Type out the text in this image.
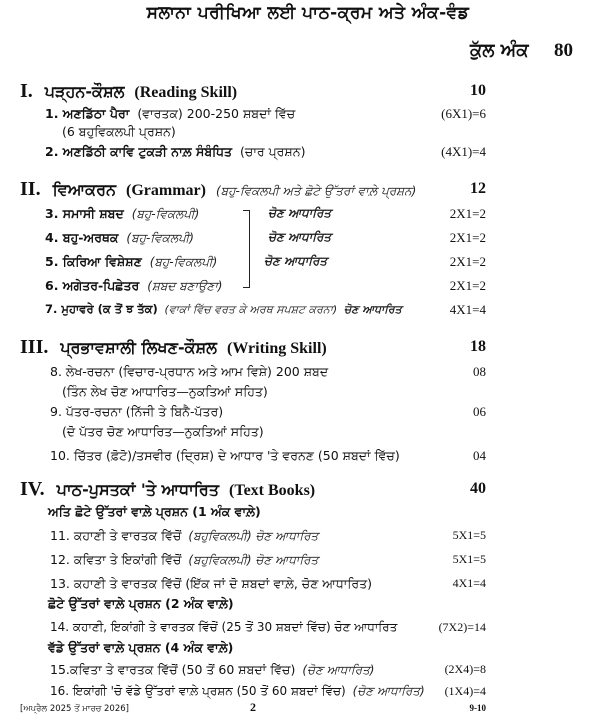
ਸਲਾਨਾ ਪਰੀਖਿਆ ਲਈ ਪਾਠ-ਕ੍ਰਮ ਅਤੇ ਅੰਕ-ਵੰਡ
ਕੁੱਲ ਅੰਕ 80
I. ਪੜ੍ਹਨ-ਕੌਸ਼ਲ (Reading Skill)	10
1. ਅਣਡਿੱਠਾ ਪੈਰਾ (ਵਾਰਤਕ) 200-250 ਸ਼ਬਦਾਂ ਵਿੱਚ	(6X1)=6
(6 ਬਹੁਵਿਕਲਪੀ ਪ੍ਰਸ਼ਨ)
2. ਅਣਡਿੱਠੀ ਕਾਵਿ ਟੁਕੜੀ ਨਾਲ਼ ਸੰਬੰਧਿਤ (ਚਾਰ ਪ੍ਰਸ਼ਨ)	(4X1)=4
II. ਵਿਆਕਰਨ (Grammar) (ਬਹੁ-ਵਿਕਲਪੀ ਅਤੇ ਛੋਟੇ ਉੱਤਰਾਂ ਵਾਲ਼ੇ ਪ੍ਰਸ਼ਨ)	12
3. ਸਮਾਸੀ ਸ਼ਬਦ (ਬਹੁ-ਵਿਕਲਪੀ)	ਚੋਣ ਆਧਾਰਿਤ	2X1=2
4. ਬਹੁ-ਅਰਥਕ (ਬਹੁ-ਵਿਕਲਪੀ)	ਚੋਣ ਆਧਾਰਿਤ	2X1=2
5. ਕਿਰਿਆ ਵਿਸ਼ੇਸ਼ਣ (ਬਹੁ-ਵਿਕਲਪੀ)	ਚੋਣ ਆਧਾਰਿਤ	2X1=2
6. ਅਗੇਤਰ-ਪਿਛੇਤਰ (ਸ਼ਬਦ ਬਣਾਉਣਾ)	2X1=2
7. ਮੁਹਾਵਰੇ (ਕ ਤੋਂ ਝ ਤੱਕ) (ਵਾਕਾਂ ਵਿੱਚ ਵਰਤ ਕੇ ਅਰਥ ਸਪਸ਼ਟ ਕਰਨਾ) ਚੋਣ ਆਧਾਰਿਤ	4X1=4
III. ਪ੍ਰਭਾਵਸ਼ਾਲੀ ਲਿਖਣ-ਕੌਸ਼ਲ (Writing Skill)	18
8. ਲੇਖ-ਰਚਨਾ (ਵਿਚਾਰ-ਪ੍ਰਧਾਨ ਅਤੇ ਆਮ ਵਿਸ਼ੇ) 200 ਸ਼ਬਦ	08
(ਤਿੰਨ ਲੇਖ ਚੋਣ ਆਧਾਰਿਤ—ਨੁਕਤਿਆਂ ਸਹਿਤ)
9. ਪੱਤਰ-ਰਚਨਾ (ਨਿੱਜੀ ਤੇ ਬਿਨੈ-ਪੱਤਰ)	06
(ਦੋ ਪੱਤਰ ਚੋਣ ਆਧਾਰਿਤ—ਨੁਕਤਿਆਂ ਸਹਿਤ)
10. ਚਿੱਤਰ (ਫ਼ੋਟੋ)/ਤਸਵੀਰ (ਦ੍ਰਿਸ਼) ਦੇ ਆਧਾਰ 'ਤੇ ਵਰਨਣ (50 ਸ਼ਬਦਾਂ ਵਿੱਚ)	04
IV. ਪਾਠ-ਪੁਸਤਕਾਂ 'ਤੇ ਆਧਾਰਿਤ (Text Books)	40
ਅਤਿ ਛੋਟੇ ਉੱਤਰਾਂ ਵਾਲ਼ੇ ਪ੍ਰਸ਼ਨ (1 ਅੰਕ ਵਾਲ਼ੇ)
11. ਕਹਾਣੀ ਤੇ ਵਾਰਤਕ ਵਿੱਚੋਂ (ਬਹੁਵਿਕਲਪੀ) ਚੋਣ ਆਧਾਰਿਤ	5X1=5
12. ਕਵਿਤਾ ਤੇ ਇਕਾਂਗੀ ਵਿੱਚੋਂ (ਬਹੁਵਿਕਲਪੀ) ਚੋਣ ਆਧਾਰਿਤ	5X1=5
13. ਕਹਾਣੀ ਤੇ ਵਾਰਤਕ ਵਿੱਚੋਂ (ਇੱਕ ਜਾਂ ਦੋ ਸ਼ਬਦਾਂ ਵਾਲ਼ੇ, ਚੋਣ ਆਧਾਰਿਤ)	4X1=4
ਛੋਟੇ ਉੱਤਰਾਂ ਵਾਲ਼ੇ ਪ੍ਰਸ਼ਨ (2 ਅੰਕ ਵਾਲ਼ੇ)
14. ਕਹਾਣੀ, ਇਕਾਂਗੀ ਤੇ ਵਾਰਤਕ ਵਿੱਚੋਂ (25 ਤੋਂ 30 ਸ਼ਬਦਾਂ ਵਿੱਚ) ਚੋਣ ਆਧਾਰਿਤ	(7X2)=14
ਵੱਡੇ ਉੱਤਰਾਂ ਵਾਲ਼ੇ ਪ੍ਰਸ਼ਨ (4 ਅੰਕ ਵਾਲ਼ੇ)
15.ਕਵਿਤਾ ਤੇ ਵਾਰਤਕ ਵਿੱਚੋਂ (50 ਤੋਂ 60 ਸ਼ਬਦਾਂ ਵਿੱਚ) (ਚੋਣ ਆਧਾਰਿਤ)	(2X4)=8
16. ਇਕਾਂਗੀ 'ਚੋ ਵੱਡੇ ਉੱਤਰਾਂ ਵਾਲ਼ੇ ਪ੍ਰਸ਼ਨ (50 ਤੋਂ 60 ਸ਼ਬਦਾਂ ਵਿੱਚ) (ਚੋਣ ਆਧਾਰਿਤ) (1X4)=4
[ਅਪ੍ਰੈਲ 2025 ਤੋਂ ਮਾਰਚ 2026]	2	9-10
